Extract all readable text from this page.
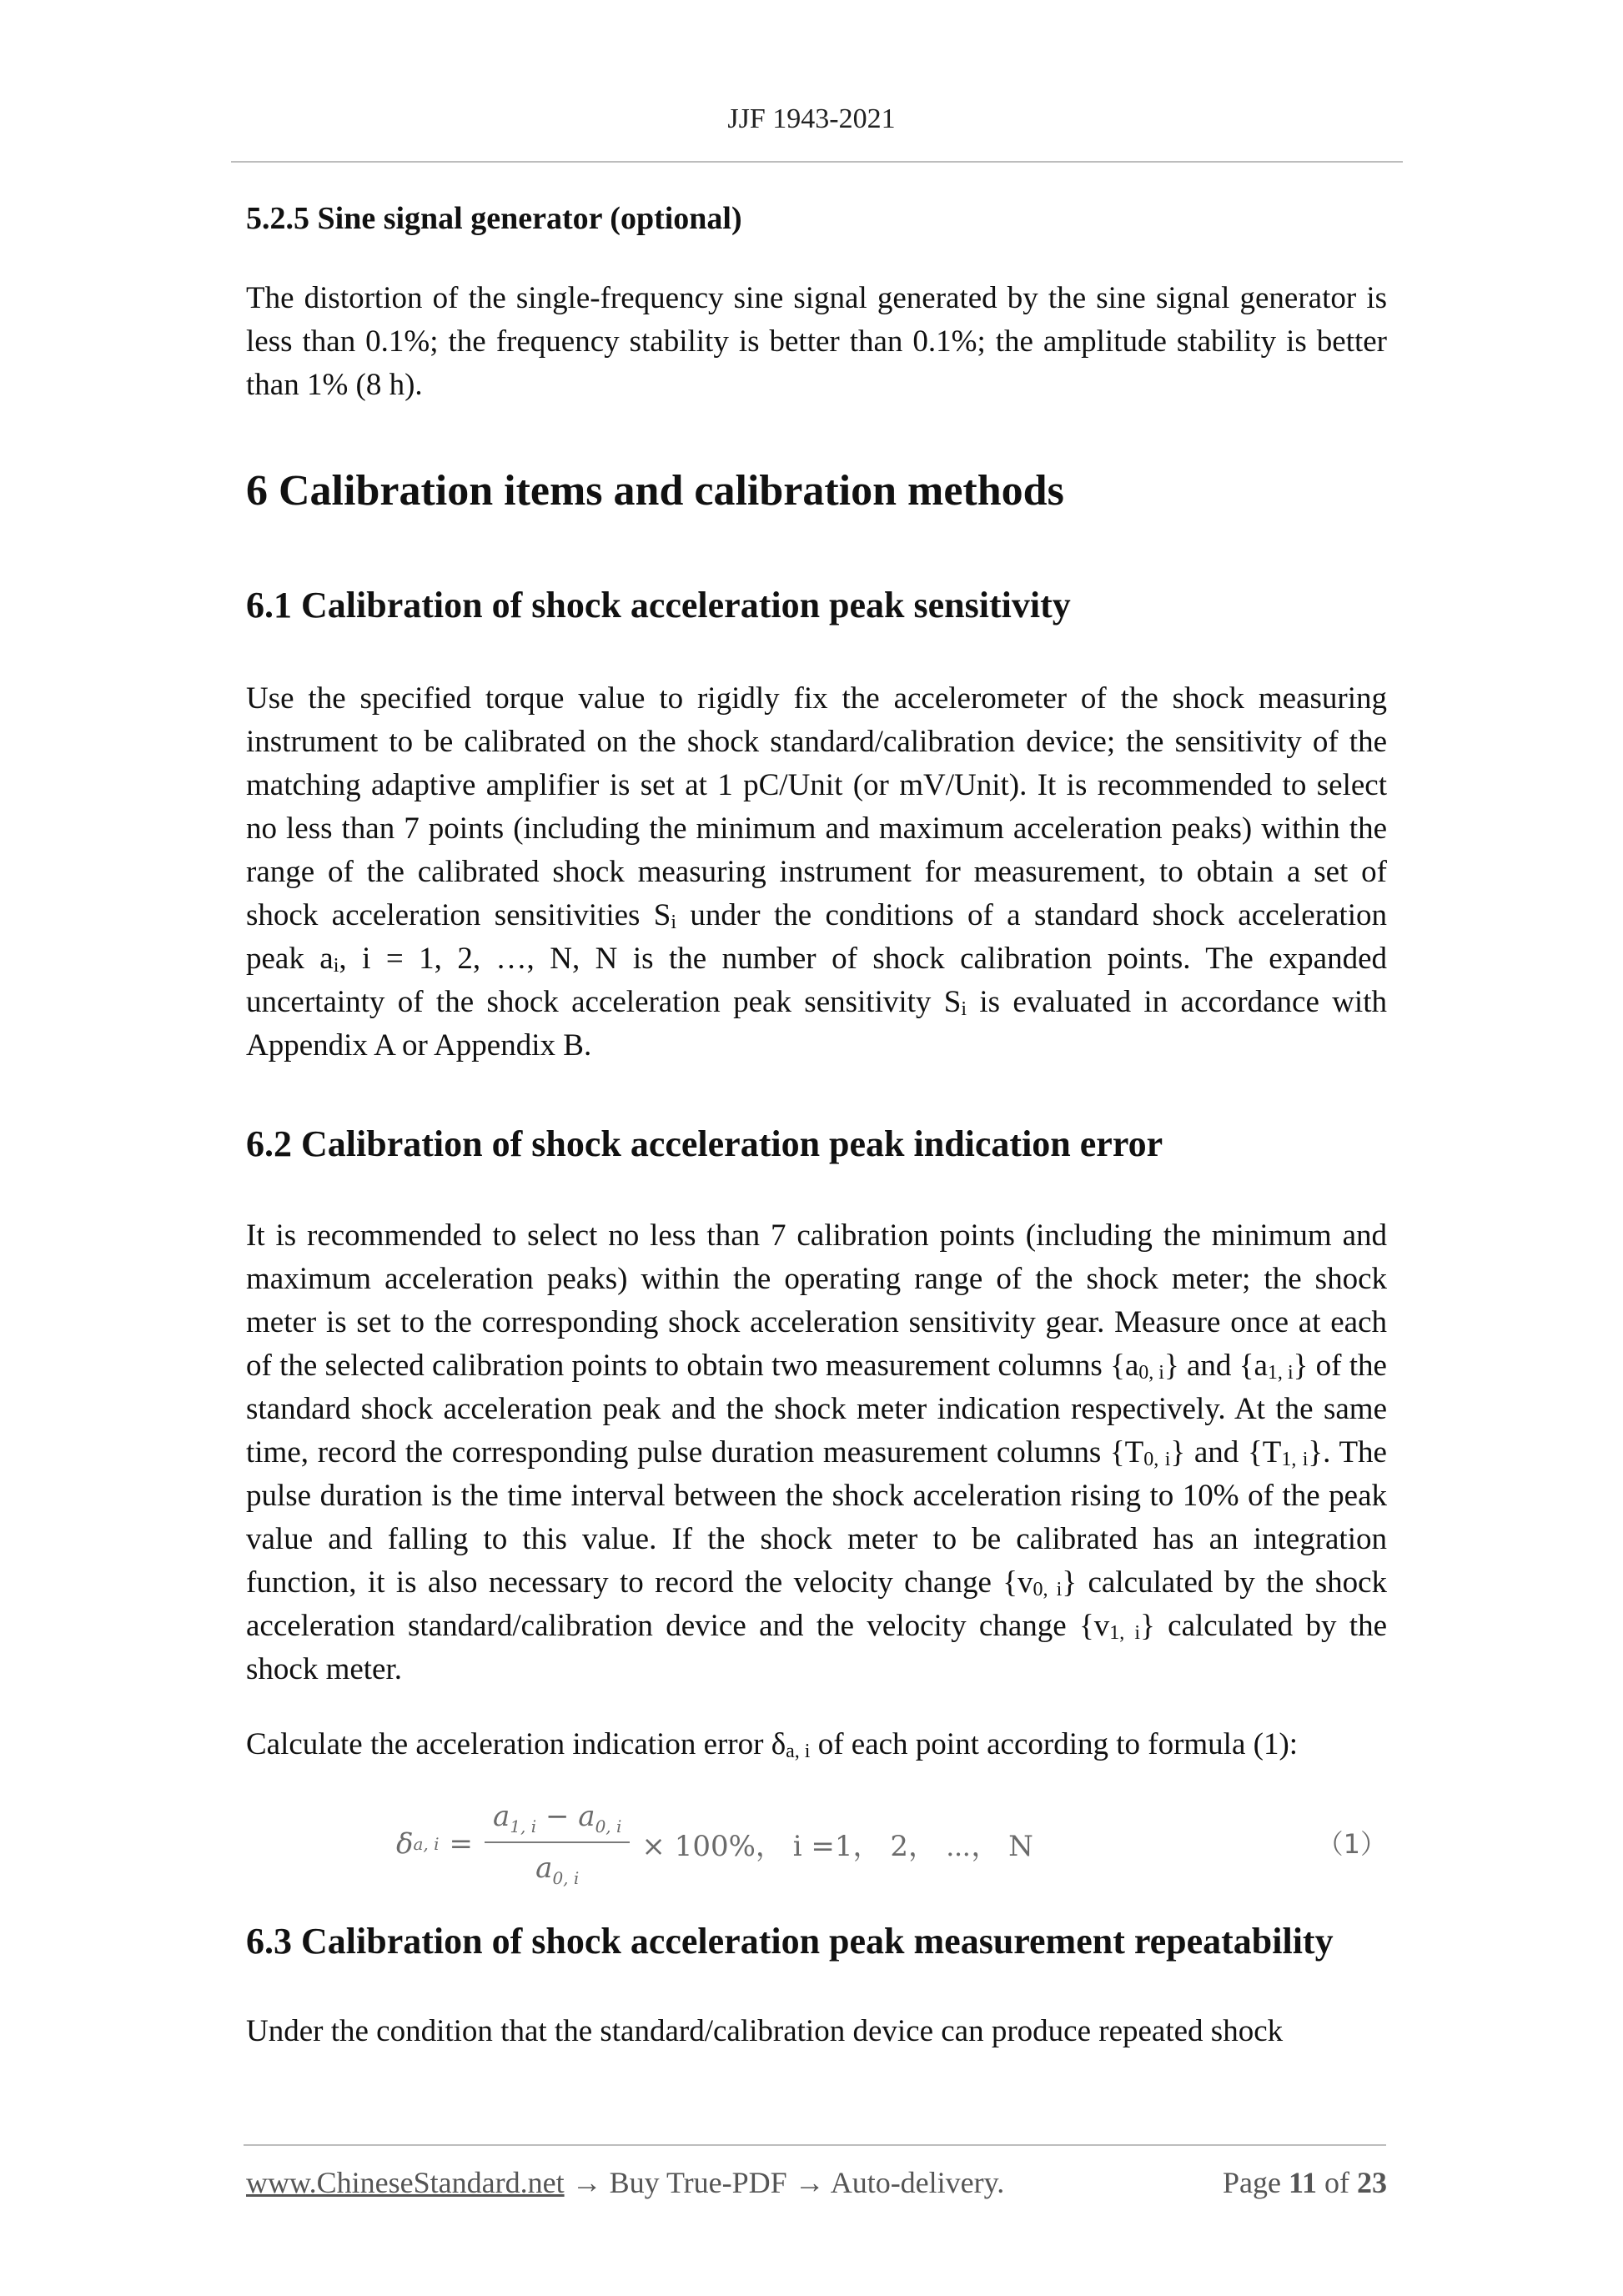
JJF 1943-2021
5.2.5 Sine signal generator (optional)

The distortion of the single-frequency sine signal generated by the sine signal generator is less than 0.1%; the frequency stability is better than 0.1%; the amplitude stability is better than 1% (8 h).

6 Calibration items and calibration methods
6.1 Calibration of shock acceleration peak sensitivity

Use the specified torque value to rigidly fix the accelerometer of the shock measuring instrument to be calibrated on the shock standard/calibration device; the sensitivity of the matching adaptive amplifier is set at 1 pC/Unit (or mV/Unit). It is recommended to select no less than 7 points (including the minimum and maximum acceleration peaks) within the range of the calibrated shock measuring instrument for measurement, to obtain a set of shock acceleration sensitivities $S_i$ under the conditions of a standard shock acceleration peak $a_i$, i = 1, 2, …, N, N is the number of shock calibration points. The expanded uncertainty of the shock acceleration peak sensitivity $S_i$ is evaluated in accordance with Appendix A or Appendix B.

6.2 Calibration of shock acceleration peak indication error

It is recommended to select no less than 7 calibration points (including the minimum and maximum acceleration peaks) within the operating range of the shock meter; the shock meter is set to the corresponding shock acceleration sensitivity gear. Measure once at each of the selected calibration points to obtain two measurement columns $\{a_{0, i}\}$ and $\{a_{1, i}\}$ of the standard shock acceleration peak and the shock meter indication respectively. At the same time, record the corresponding pulse duration measurement columns $\{T_{0, i}\}$ and $\{T_{1, i}\}$. The pulse duration is the time interval between the shock acceleration rising to 10% of the peak value and falling to this value. If the shock meter to be calibrated has an integration function, it is also necessary to record the velocity change $\{v_{0, i}\}$ calculated by the shock acceleration standard/calibration device and the velocity change $\{v_{1, i}\}$ calculated by the shock meter.

Calculate the acceleration indication error $\delta_{a, i}$ of each point according to formula (1):

δ a, $i = \frac{a_{1, i} - a_{0, i}}{a_{0, i}} \times 100\%$， i =1， 2， ⋯， N	（1）
6.3 Calibration of shock acceleration peak measurement repeatability

Under the condition that the standard/calibration device can produce repeated shock

www.ChineseStandard.net → Buy True-PDF → Auto-delivery.	Page 11 of 23
